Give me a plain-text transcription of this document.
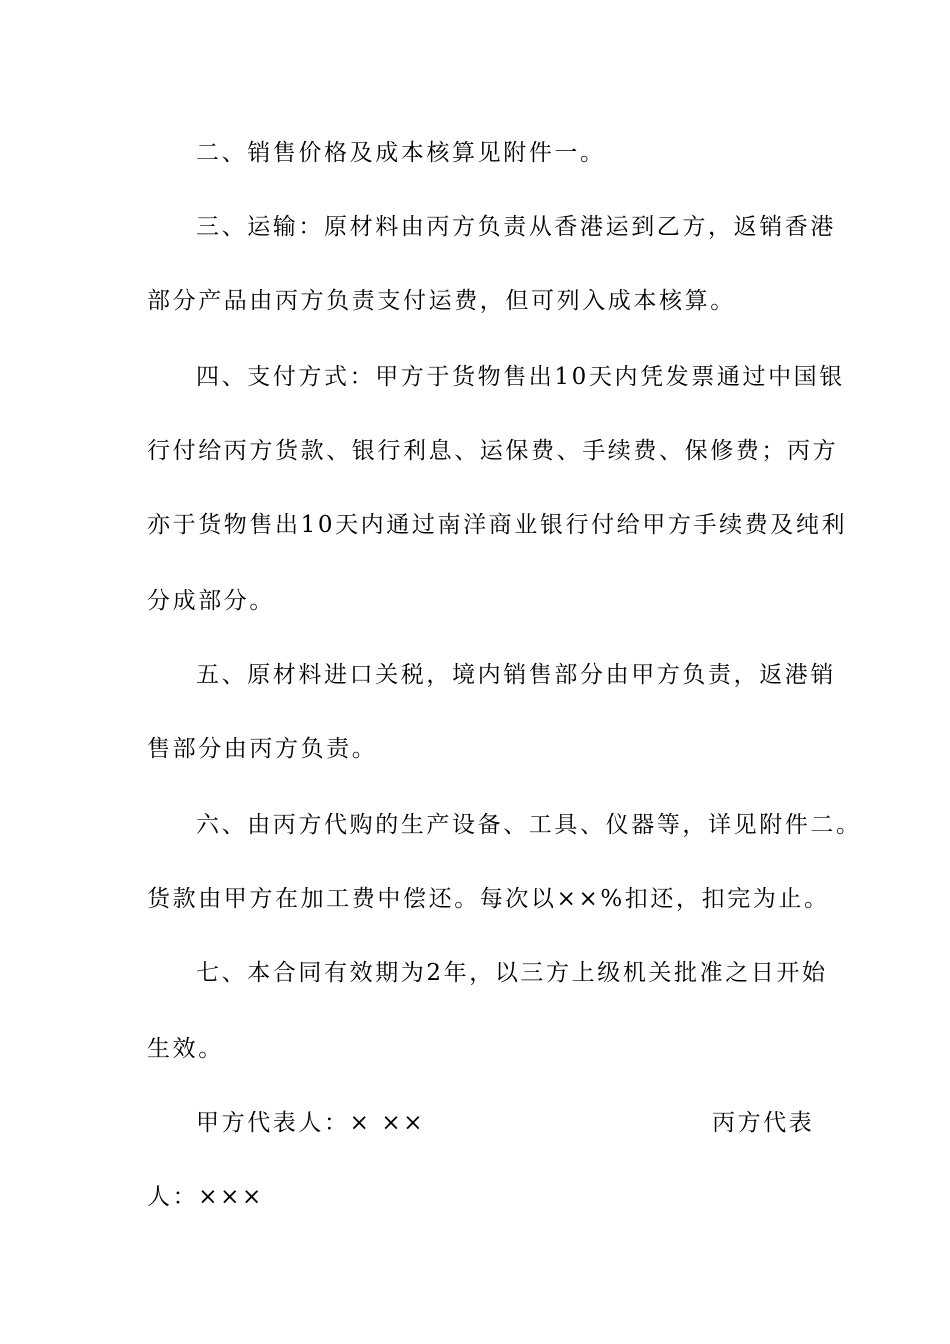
二、销售价格及成本核算见附件一。
三、运输：原材料由丙方负责从香港运到乙方，返销香港
部分产品由丙方负责支付运费，但可列入成本核算。
四、支付方式：甲方于货物售出10天内凭发票通过中国银
行付给丙方货款、银行利息、运保费、手续费、保修费；丙方
亦于货物售出10天内通过南洋商业银行付给甲方手续费及纯利
分成部分。
五、原材料进口关税，境内销售部分由甲方负责，返港销
售部分由丙方负责。
六、由丙方代购的生产设备、工具、仪器等，详见附件二。
货款由甲方在加工费中偿还。每次以××%扣还，扣完为止。
七、本合同有效期为2年，以三方上级机关批准之日开始
生效。
甲方代表人：× ××	丙方代表
人：×××
